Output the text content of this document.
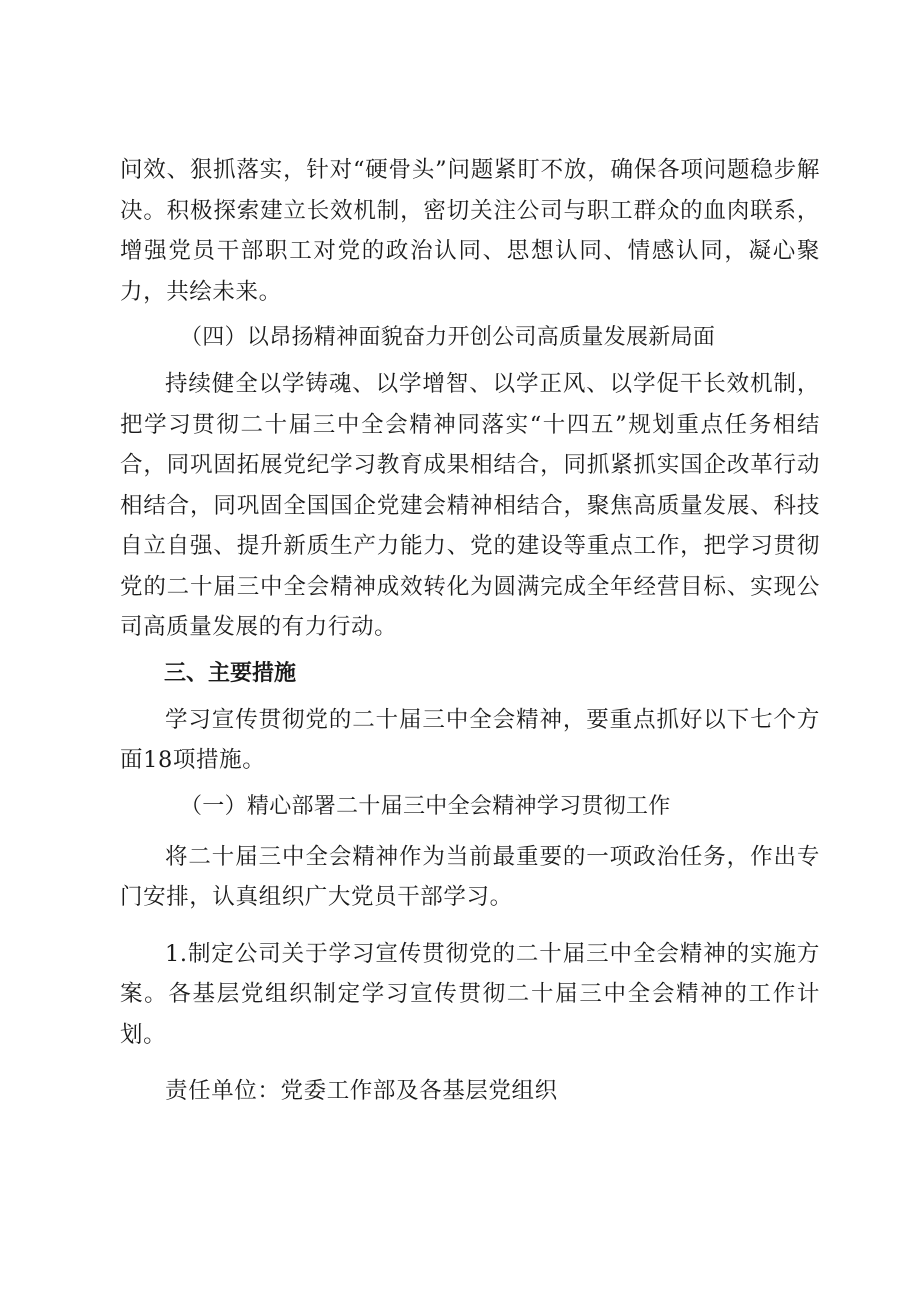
问效、狠抓落实，针对“硬骨头”问题紧盯不放，确保各项问题稳步解决。积极探索建立长效机制，密切关注公司与职工群众的血肉联系，增强党员干部职工对党的政治认同、思想认同、情感认同，凝心聚力，共绘未来。

（四）以昂扬精神面貌奋力开创公司高质量发展新局面

持续健全以学铸魂、以学增智、以学正风、以学促干长效机制，把学习贯彻二十届三中全会精神同落实“十四五”规划重点任务相结合，同巩固拓展党纪学习教育成果相结合，同抓紧抓实国企改革行动相结合，同巩固全国国企党建会精神相结合，聚焦高质量发展、科技自立自强、提升新质生产力能力、党的建设等重点工作，把学习贯彻党的二十届三中全会精神成效转化为圆满完成全年经营目标、实现公司高质量发展的有力行动。

三、主要措施

学习宣传贯彻党的二十届三中全会精神，要重点抓好以下七个方面18项措施。

（一）精心部署二十届三中全会精神学习贯彻工作

将二十届三中全会精神作为当前最重要的一项政治任务，作出专门安排，认真组织广大党员干部学习。

1.制定公司关于学习宣传贯彻党的二十届三中全会精神的实施方案。各基层党组织制定学习宣传贯彻二十届三中全会精神的工作计划。

责任单位：党委工作部及各基层党组织
